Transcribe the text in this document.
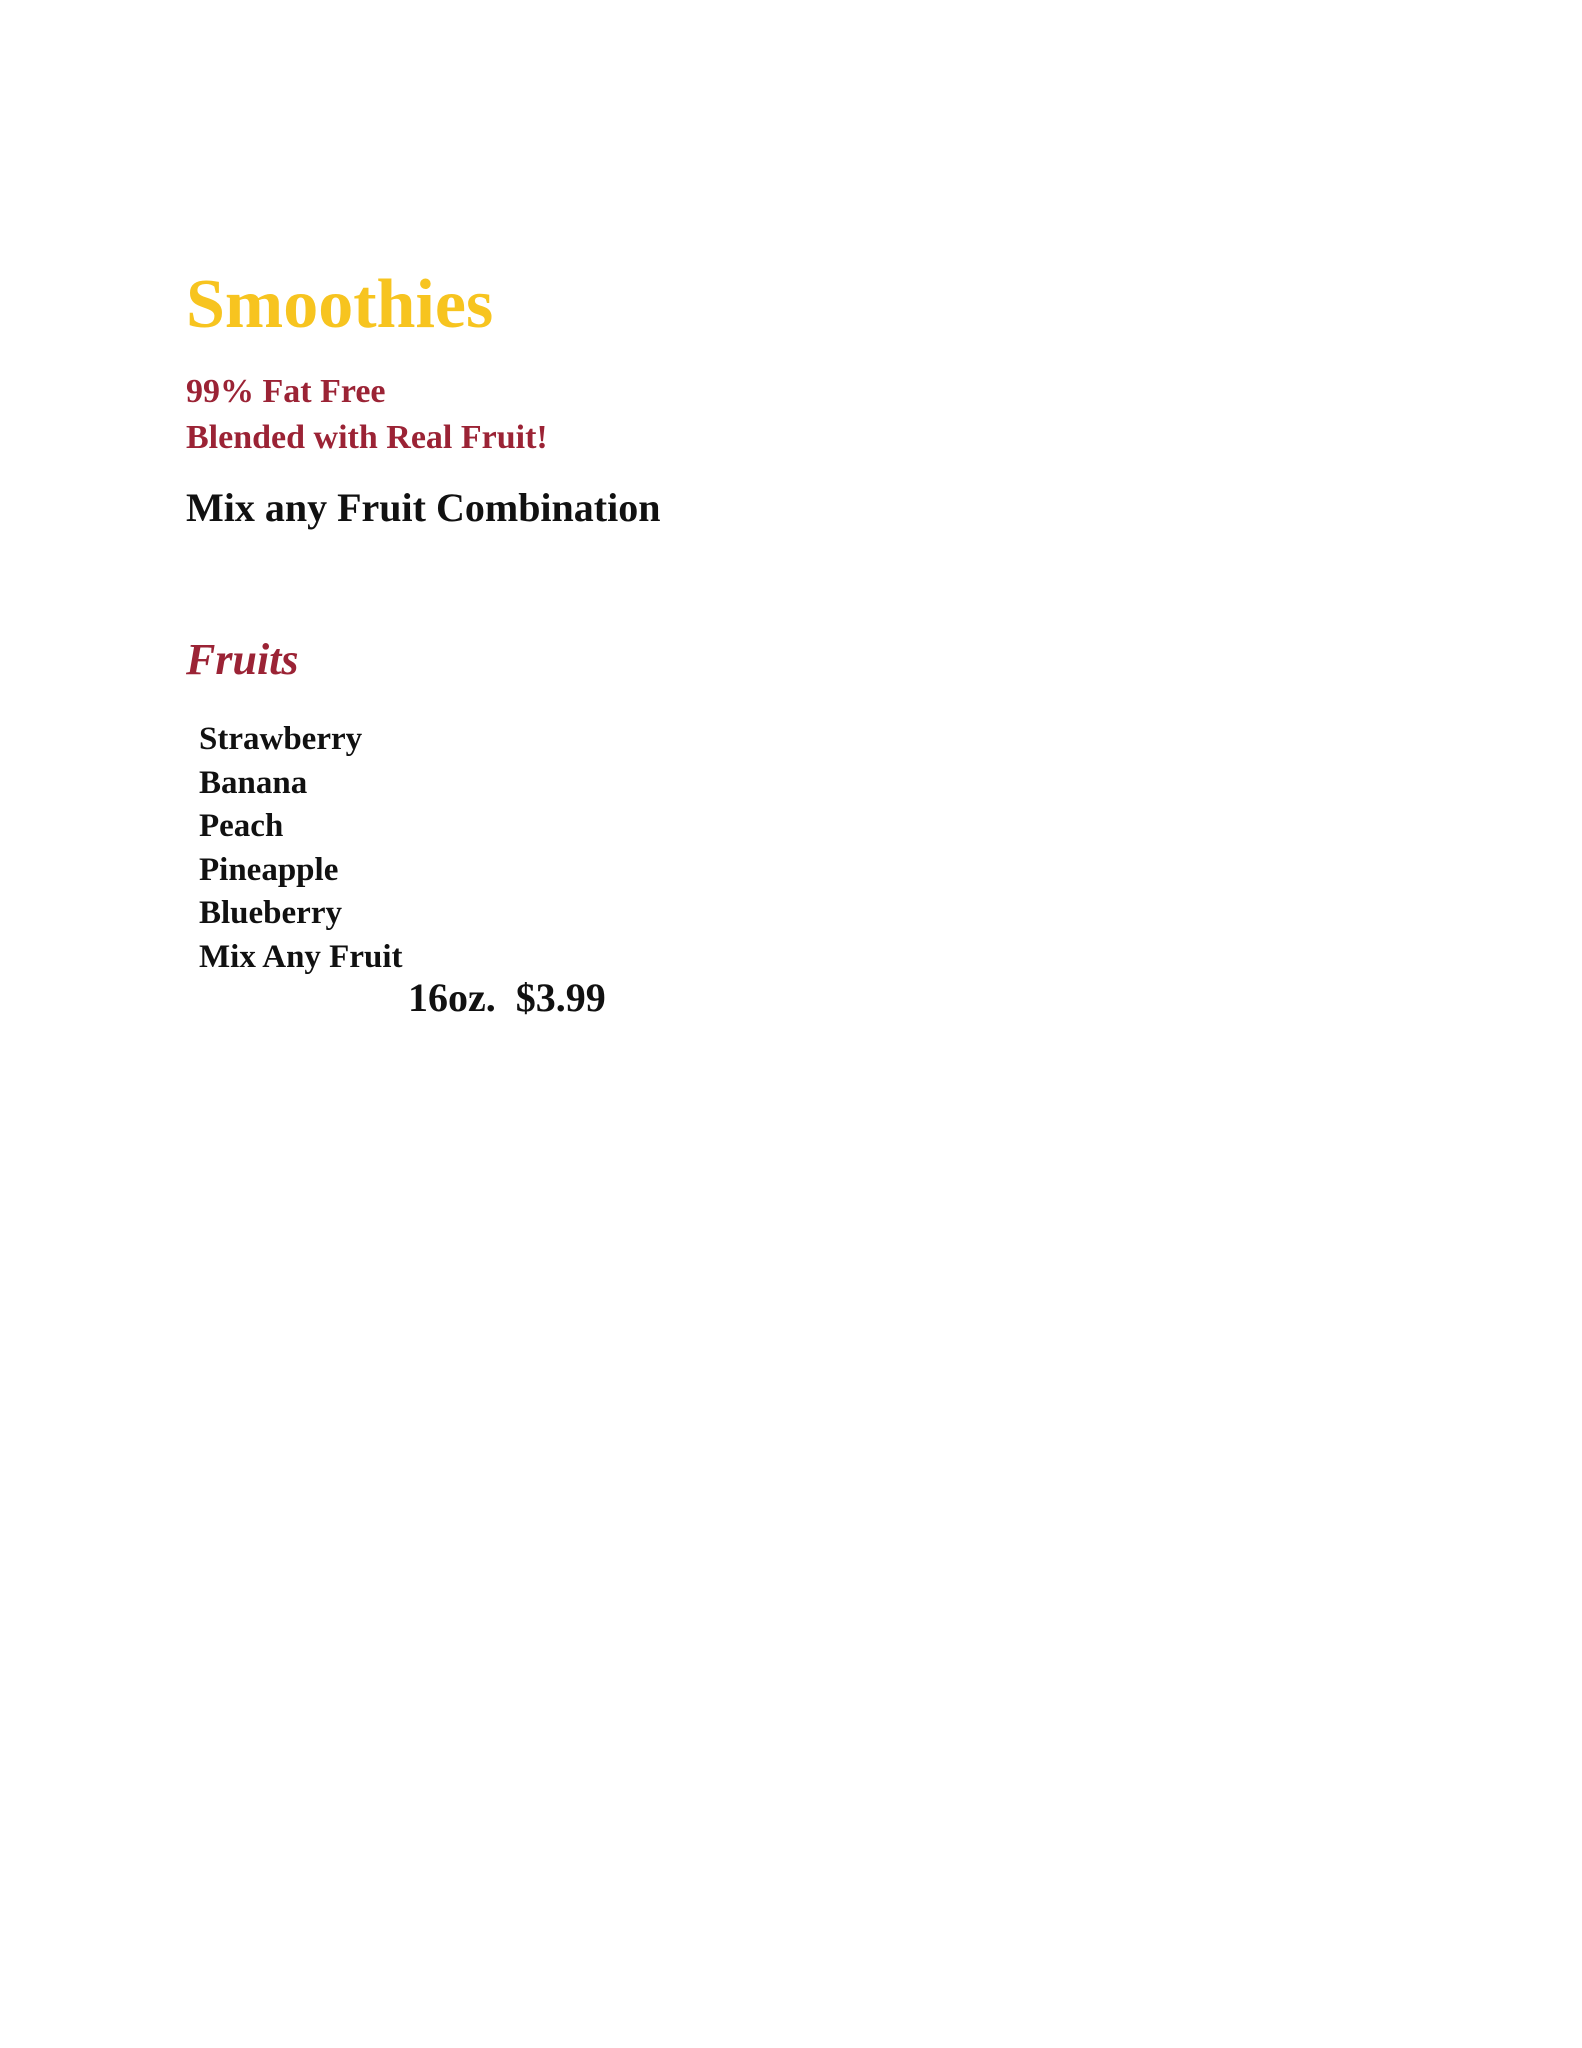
Smoothies
99% Fat Free
Blended with Real Fruit!
Mix any Fruit Combination
Fruits
Strawberry
Banana
Peach
Pineapple
Blueberry
Mix Any Fruit
16oz. $3.99
